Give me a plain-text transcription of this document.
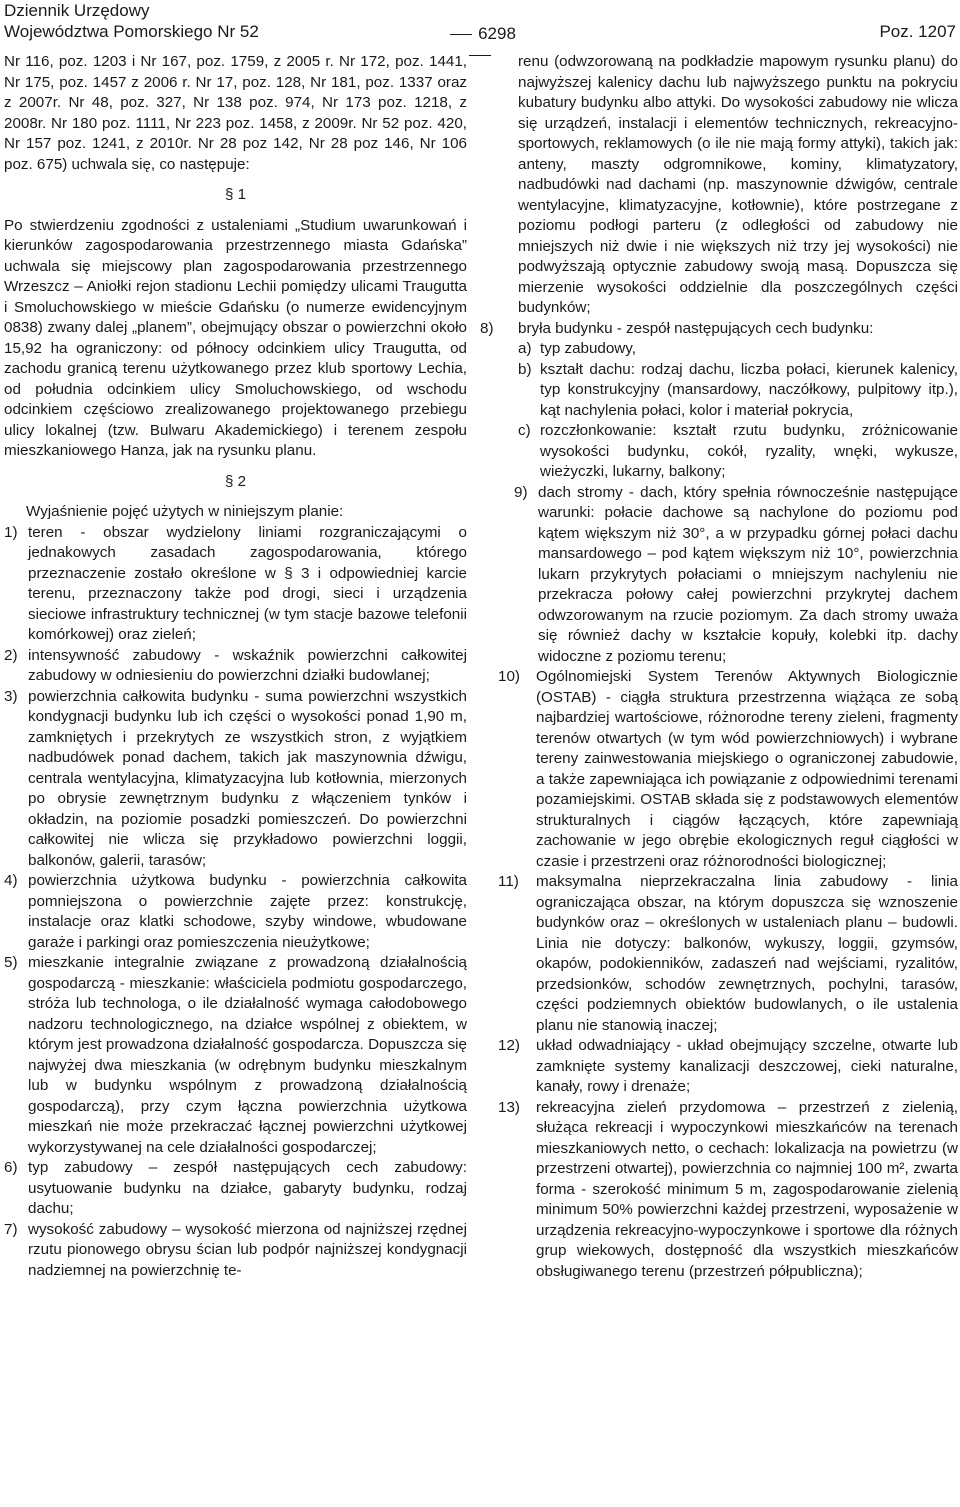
Dziennik Urzędowy
Województwa Pomorskiego Nr 52	6298	Poz. 1207

Nr 116, poz. 1203 i Nr 167, poz. 1759, z 2005 r. Nr 172, poz. 1441, Nr 175, poz. 1457 z 2006 r. Nr 17, poz. 128, Nr 181, poz. 1337 oraz z 2007r. Nr 48, poz. 327, Nr 138 poz. 974, Nr 173 poz. 1218, z 2008r. Nr 180 poz. 1111, Nr 223 poz. 1458, z 2009r. Nr 52 poz. 420, Nr 157 poz. 1241, z 2010r. Nr 28 poz 142, Nr 28 poz 146, Nr 106 poz. 675) uchwala się, co następuje:

§ 1

Po stwierdzeniu zgodności z ustaleniami „Studium uwarunkowań i kierunków zagospodarowania przestrzennego miasta Gdańska” uchwala się miejscowy plan zagospodarowania przestrzennego Wrzeszcz – Aniołki rejon stadionu Lechii pomiędzy ulicami Traugutta i Smoluchowskiego w mieście Gdańsku (o numerze ewidencyjnym 0838) zwany dalej „planem”, obejmujący obszar o powierzchni około 15,92 ha ograniczony: od północy odcinkiem ulicy Traugutta, od zachodu granicą terenu użytkowanego przez klub sportowy Lechia, od południa odcinkiem ulicy Smoluchowskiego, od wschodu odcinkiem częściowo zrealizowanego projektowanego przebiegu ulicy lokalnej (tzw. Bulwaru Akademickiego) i terenem zespołu mieszkaniowego Hanza, jak na rysunku planu.

§ 2

Wyjaśnienie pojęć użytych w niniejszym planie:

1) teren - obszar wydzielony liniami rozgraniczającymi o jednakowych zasadach zagospodarowania, którego przeznaczenie zostało określone w § 3 i odpowiedniej karcie terenu, przeznaczony także pod drogi, sieci i urządzenia sieciowe infrastruktury technicznej (w tym stacje bazowe telefonii komórkowej) oraz zieleń;
2) intensywność zabudowy - wskaźnik powierzchni całkowitej zabudowy w odniesieniu do powierzchni działki budowlanej;
3) powierzchnia całkowita budynku - suma powierzchni wszystkich kondygnacji budynku lub ich części o wysokości ponad 1,90 m, zamkniętych i przekrytych ze wszystkich stron, z wyjątkiem nadbudówek ponad dachem, takich jak maszynownia dźwigu, centrala wentylacyjna, klimatyzacyjna lub kotłownia, mierzonych po obrysie zewnętrznym budynku z włączeniem tynków i okładzin, na poziomie posadzki pomieszczeń. Do powierzchni całkowitej nie wlicza się przykładowo powierzchni loggii, balkonów, galerii, tarasów;
4) powierzchnia użytkowa budynku - powierzchnia całkowita pomniejszona o powierzchnie zajęte przez: konstrukcję, instalacje oraz klatki schodowe, szyby windowe, wbudowane garaże i parkingi oraz pomieszczenia nieużytkowe;
5) mieszkanie integralnie związane z prowadzoną działalnością gospodarczą - mieszkanie: właściciela podmiotu gospodarczego, stróża lub technologa, o ile działalność wymaga całodobowego nadzoru technologicznego, na działce wspólnej z obiektem, w którym jest prowadzona działalność gospodarcza. Dopuszcza się najwyżej dwa mieszkania (w odrębnym budynku mieszkalnym lub w budynku wspólnym z prowadzoną działalnością gospodarczą), przy czym łączna powierzchnia użytkowa mieszkań nie może przekraczać łącznej powierzchni użytkowej wykorzystywanej na cele działalności gospodarczej;
6) typ zabudowy – zespół następujących cech zabudowy: usytuowanie budynku na działce, gabaryty budynku, rodzaj dachu;
7) wysokość zabudowy – wysokość mierzona od najniższej rzędnej rzutu pionowego obrysu ścian lub podpór najniższej kondygnacji nadziemnej na powierzchnię te-

renu (odwzorowaną na podkładzie mapowym rysunku planu) do najwyższej kalenicy dachu lub najwyższego punktu na pokryciu kubatury budynku albo attyki. Do wysokości zabudowy nie wlicza się urządzeń, instalacji i elementów technicznych, rekreacyjno-sportowych, reklamowych (o ile nie mają formy attyki), takich jak: anteny, maszty odgromnikowe, kominy, klimatyzatory, nadbudówki nad dachami (np. maszynownie dźwigów, centrale wentylacyjne, klimatyzacyjne, kotłownie), które postrzegane z poziomu podłogi parteru (z odległości od zabudowy nie mniejszych niż dwie i nie większych niż trzy jej wysokości) nie podwyższają optycznie zabudowy swoją masą. Dopuszcza się mierzenie wysokości oddzielnie dla poszczególnych części budynków;

8)	bryła budynku - zespół następujących cech budynku:
a) typ zabudowy,
b) kształt dachu: rodzaj dachu, liczba połaci, kierunek kalenicy, typ konstrukcyjny (mansardowy, naczółkowy, pulpitowy itp.), kąt nachylenia połaci, kolor i materiał pokrycia,
c) rozczłonkowanie: kształt rzutu budynku, zróżnicowanie wysokości budynku, cokół, ryzality, wnęki, wykusze, wieżyczki, lukarny, balkony;
9) dach stromy - dach, który spełnia równocześnie następujące warunki: połacie dachowe są nachylone do poziomu pod kątem większym niż 30°, a w przypadku górnej połaci dachu mansardowego – pod kątem większym niż 10°, powierzchnia lukarn przykrytych połaciami o mniejszym nachyleniu nie przekracza połowy całej powierzchni przykrytej dachem odwzorowanym na rzucie poziomym. Za dach stromy uważa się również dachy w kształcie kopuły, kolebki itp. dachy widoczne z poziomu terenu;
10)	Ogólnomiejski System Terenów Aktywnych Biologicznie (OSTAB) - ciągła struktura przestrzenna wiążąca ze sobą najbardziej wartościowe, różnorodne tereny zieleni, fragmenty terenów otwartych (w tym wód powierzchniowych) i wybrane tereny zainwestowania miejskiego o ograniczonej zabudowie, a także zapewniająca ich powiązanie z odpowiednimi terenami pozamiejskimi. OSTAB składa się z podstawowych elementów strukturalnych i ciągów łączących, które zapewniają zachowanie w jego obrębie ekologicznych reguł ciągłości w czasie i przestrzeni oraz różnorodności biologicznej;
11)	maksymalna nieprzekraczalna linia zabudowy - linia ograniczająca obszar, na którym dopuszcza się wznoszenie budynków oraz – określonych w ustaleniach planu – budowli. Linia nie dotyczy: balkonów, wykuszy, loggii, gzymsów, okapów, podokienników, zadaszeń nad wejściami, ryzalitów, przedsionków, schodów zewnętrznych, pochylni, tarasów, części podziemnych obiektów budowlanych, o ile ustalenia planu nie stanowią inaczej;
12)	układ odwadniający - układ obejmujący szczelne, otwarte lub zamknięte systemy kanalizacji deszczowej, cieki naturalne, kanały, rowy i drenaże;
13)	rekreacyjna zieleń przydomowa – przestrzeń z zielenią, służąca rekreacji i wypoczynkowi mieszkańców na terenach mieszkaniowych netto, o cechach: lokalizacja na powietrzu (w przestrzeni otwartej), powierzchnia co najmniej 100 m², zwarta forma - szerokość minimum 5 m, zagospodarowanie zielenią minimum 50% powierzchni każdej przestrzeni, wyposażenie w urządzenia rekreacyjno-wypoczynkowe i sportowe dla różnych grup wiekowych, dostępność dla wszystkich mieszkańców obsługiwanego terenu (przestrzeń półpubliczna);
